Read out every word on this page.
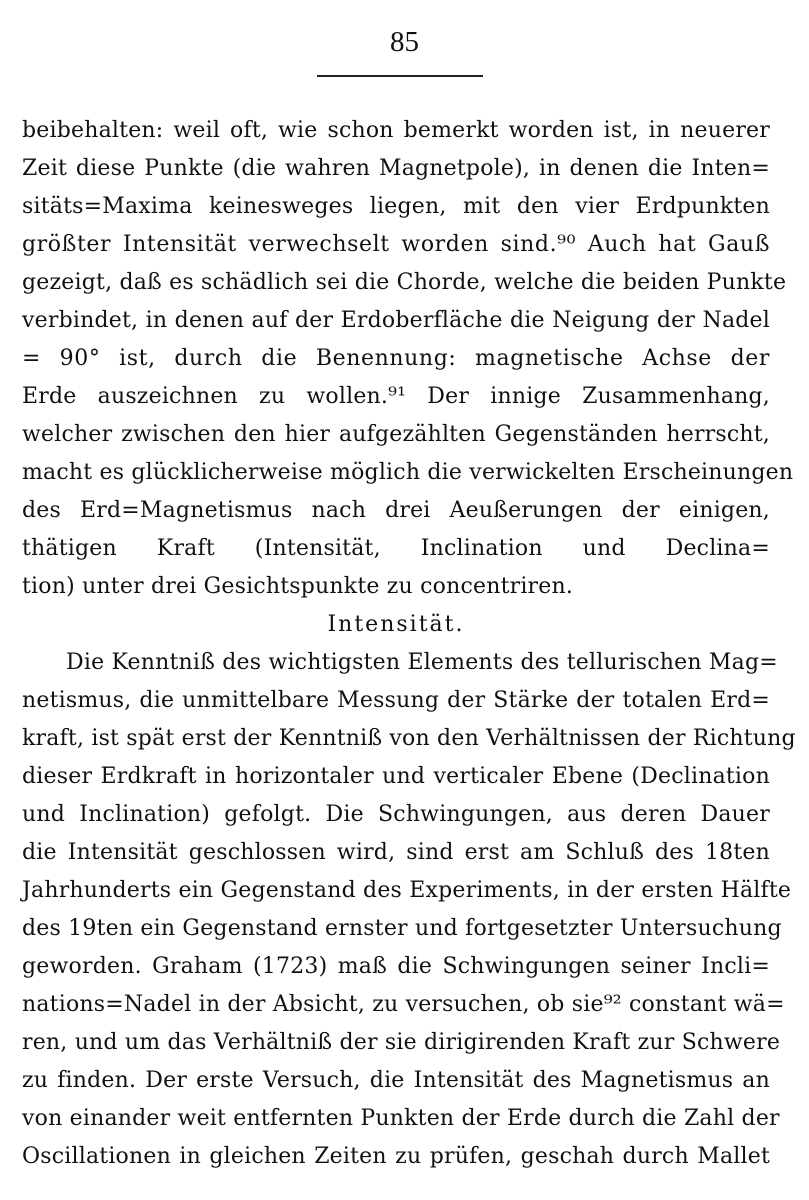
85
beibehalten: weil oft, wie schon bemerkt worden ist, in neuerer
Zeit diese Punkte (die wahren Magnetpole), in denen die Inten=
sitäts=Maxima keinesweges liegen, mit den vier Erdpunkten
größter Intensität verwechselt worden sind.⁹⁰ Auch hat Gauß
gezeigt, daß es schädlich sei die Chorde, welche die beiden Punkte
verbindet, in denen auf der Erdoberfläche die Neigung der Nadel
= 90° ist, durch die Benennung: magnetische Achse der
Erde auszeichnen zu wollen.⁹¹ Der innige Zusammenhang,
welcher zwischen den hier aufgezählten Gegenständen herrscht,
macht es glücklicherweise möglich die verwickelten Erscheinungen
des Erd=Magnetismus nach drei Aeußerungen der einigen,
thätigen Kraft (Intensität, Inclination und Declina=
tion) unter drei Gesichtspunkte zu concentriren.
Intensität.
Die Kenntniß des wichtigsten Elements des tellurischen Mag=
netismus, die unmittelbare Messung der Stärke der totalen Erd=
kraft, ist spät erst der Kenntniß von den Verhältnissen der Richtung
dieser Erdkraft in horizontaler und verticaler Ebene (Declination
und Inclination) gefolgt. Die Schwingungen, aus deren Dauer
die Intensität geschlossen wird, sind erst am Schluß des 18ten
Jahrhunderts ein Gegenstand des Experiments, in der ersten Hälfte
des 19ten ein Gegenstand ernster und fortgesetzter Untersuchung
geworden. Graham (1723) maß die Schwingungen seiner Incli=
nations=Nadel in der Absicht, zu versuchen, ob sie⁹² constant wä=
ren, und um das Verhältniß der sie dirigirenden Kraft zur Schwere
zu finden. Der erste Versuch, die Intensität des Magnetismus an
von einander weit entfernten Punkten der Erde durch die Zahl der
Oscillationen in gleichen Zeiten zu prüfen, geschah durch Mallet
